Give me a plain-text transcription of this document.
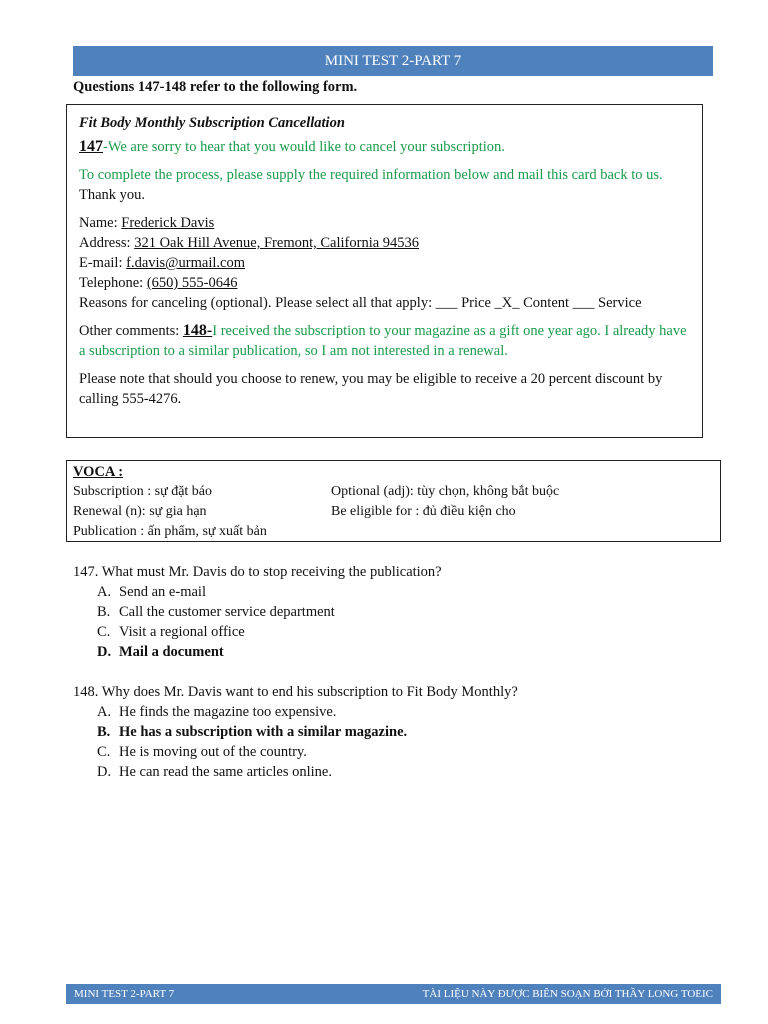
MINI TEST 2-PART 7
Questions 147-148 refer to the following form.

Fit Body Monthly Subscription Cancellation

147-We are sorry to hear that you would like to cancel your subscription.

To complete the process, please supply the required information below and mail this card back to us. Thank you.

Name: Frederick Davis

Address: 321 Oak Hill Avenue, Fremont, California 94536

E-mail: f.davis@urmail.com

Telephone: (650) 555-0646

Reasons for canceling (optional). Please select all that apply: ___ Price _X_ Content ___ Service

Other comments: 148-I received the subscription to your magazine as a gift one year ago. I already have a subscription to a similar publication, so I am not interested in a renewal.

Please note that should you choose to renew, you may be eligible to receive a 20 percent discount by calling 555-4276.

VOCA :
Subscription : sự đặt báo	Optional (adj): tùy chọn, không bắt buộc
Renewal (n): sự gia hạn	Be eligible for : đủ điều kiện cho
Publication : ấn phẩm, sự xuất bản
147. What must Mr. Davis do to stop receiving the publication?
A. Send an e-mail
B. Call the customer service department
C. Visit a regional office
D. Mail a document
148. Why does Mr. Davis want to end his subscription to Fit Body Monthly?
A. He finds the magazine too expensive.
B. He has a subscription with a similar magazine.
C. He is moving out of the country.
D. He can read the same articles online.
MINI TEST 2-PART 7	TÀI LIỆU NÀY ĐƯỢC BIÊN SOẠN BỞI THẦY LONG TOEIC
